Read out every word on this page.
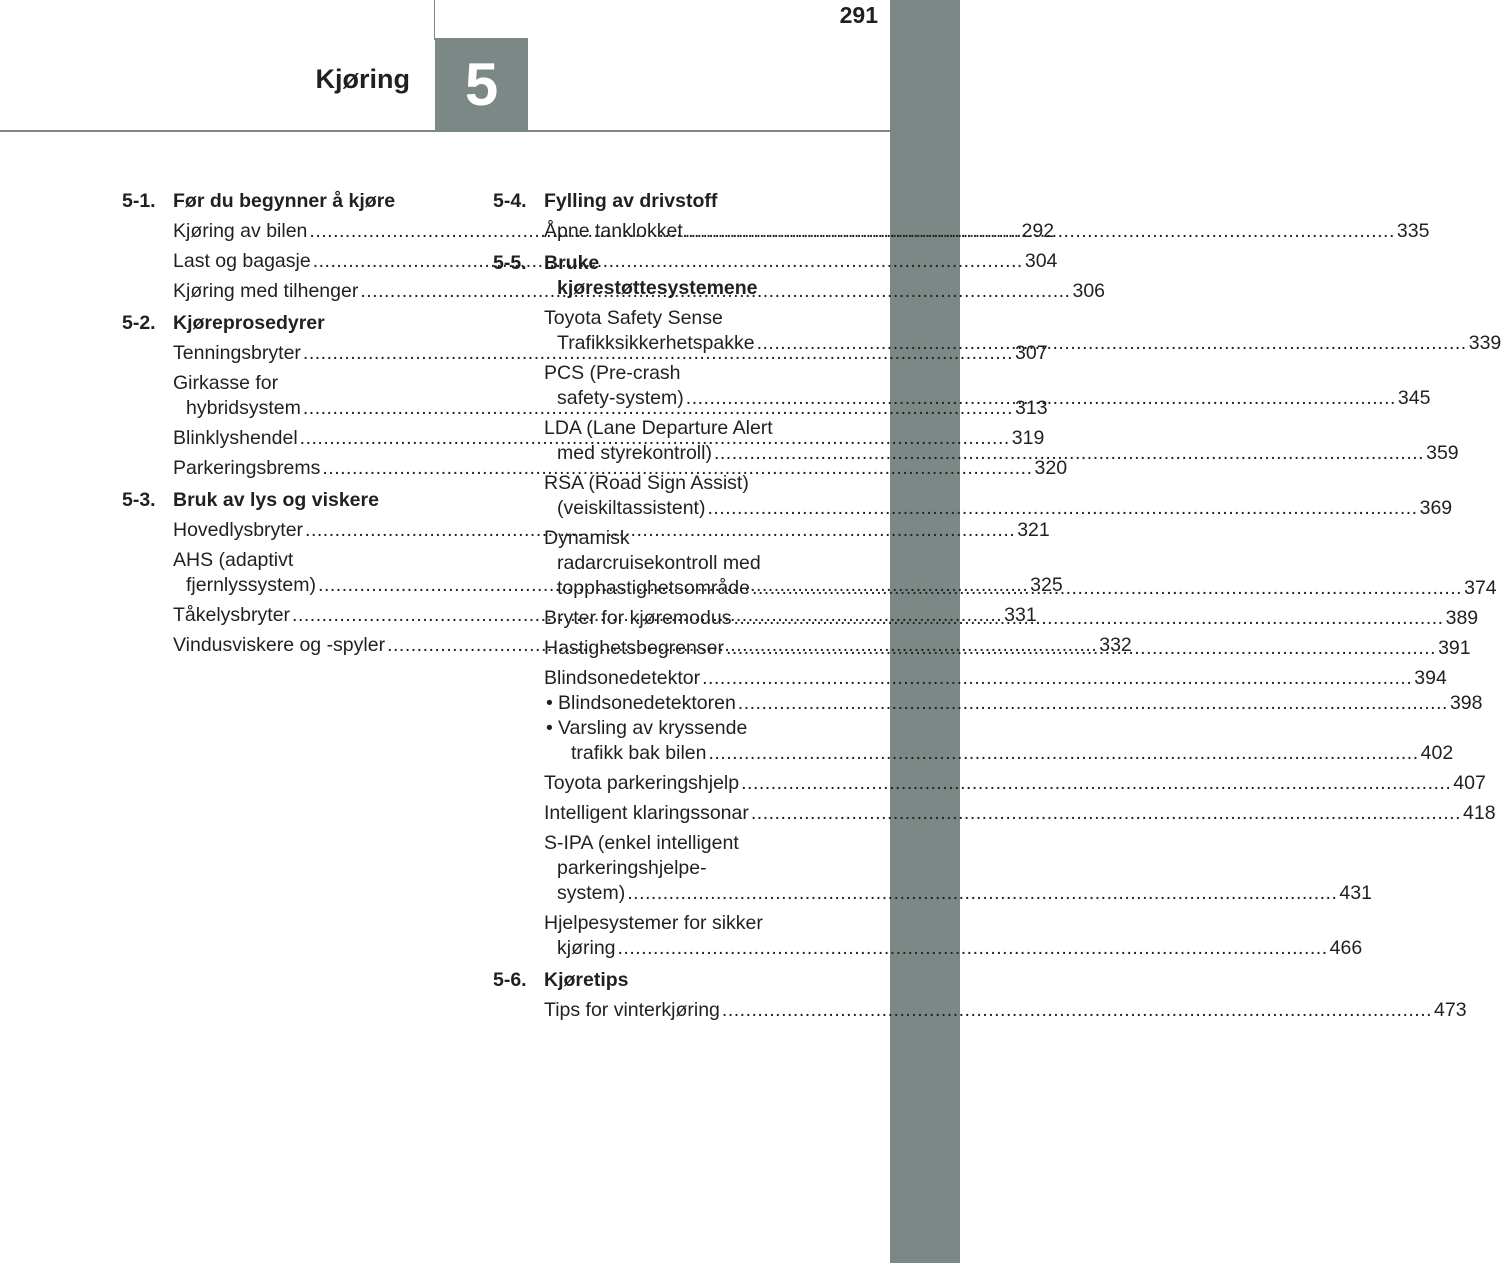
5
Kjøring
291
5-1. Før du begynner å kjøre
Kjøring av bilen .....	292
Last og bagasje .....	304
Kjøring med tilhenger .....	306
5-2. Kjøreprosedyrer
Tenningsbryter .....	307
Girkasse for
hybridsystem .....	313
Blinklyshendel .....	319
Parkeringsbrems .....	320
5-3. Bruk av lys og viskere
Hovedlysbryter .....	321
AHS (adaptivt
fjernlyssystem) .....	325
Tåkelysbryter .....	331
Vindusviskere og -spyler .....	332
5-4. Fylling av drivstoff
Åpne tanklokket .....	335
5-5. Bruke
kjørestøttesystemene
Toyota Safety Sense
Trafikksikkerhetspakke .....	339
PCS (Pre-crash
safety-system) .....	345
LDA (Lane Departure Alert
med styrekontroll) .....	359
RSA (Road Sign Assist)
(veiskiltassistent) .....	369
Dynamisk
radarcruisekontroll med
topphastighetsområde .....	374
Bryter for kjøremodus .....	389
Hastighetsbegrenser .....	391
Blindsonedetektor .....	394
• Blindsonedetektoren .....	398
• Varsling av kryssende
trafikk bak bilen .....	402
Toyota parkeringshjelp .....	407
Intelligent klaringssonar .....	418
S-IPA (enkel intelligent
parkeringshjelpe-
system) .....	431
Hjelpesystemer for sikker
kjøring .....	466
5-6. Kjøretips
Tips for vinterkjøring .....	473
